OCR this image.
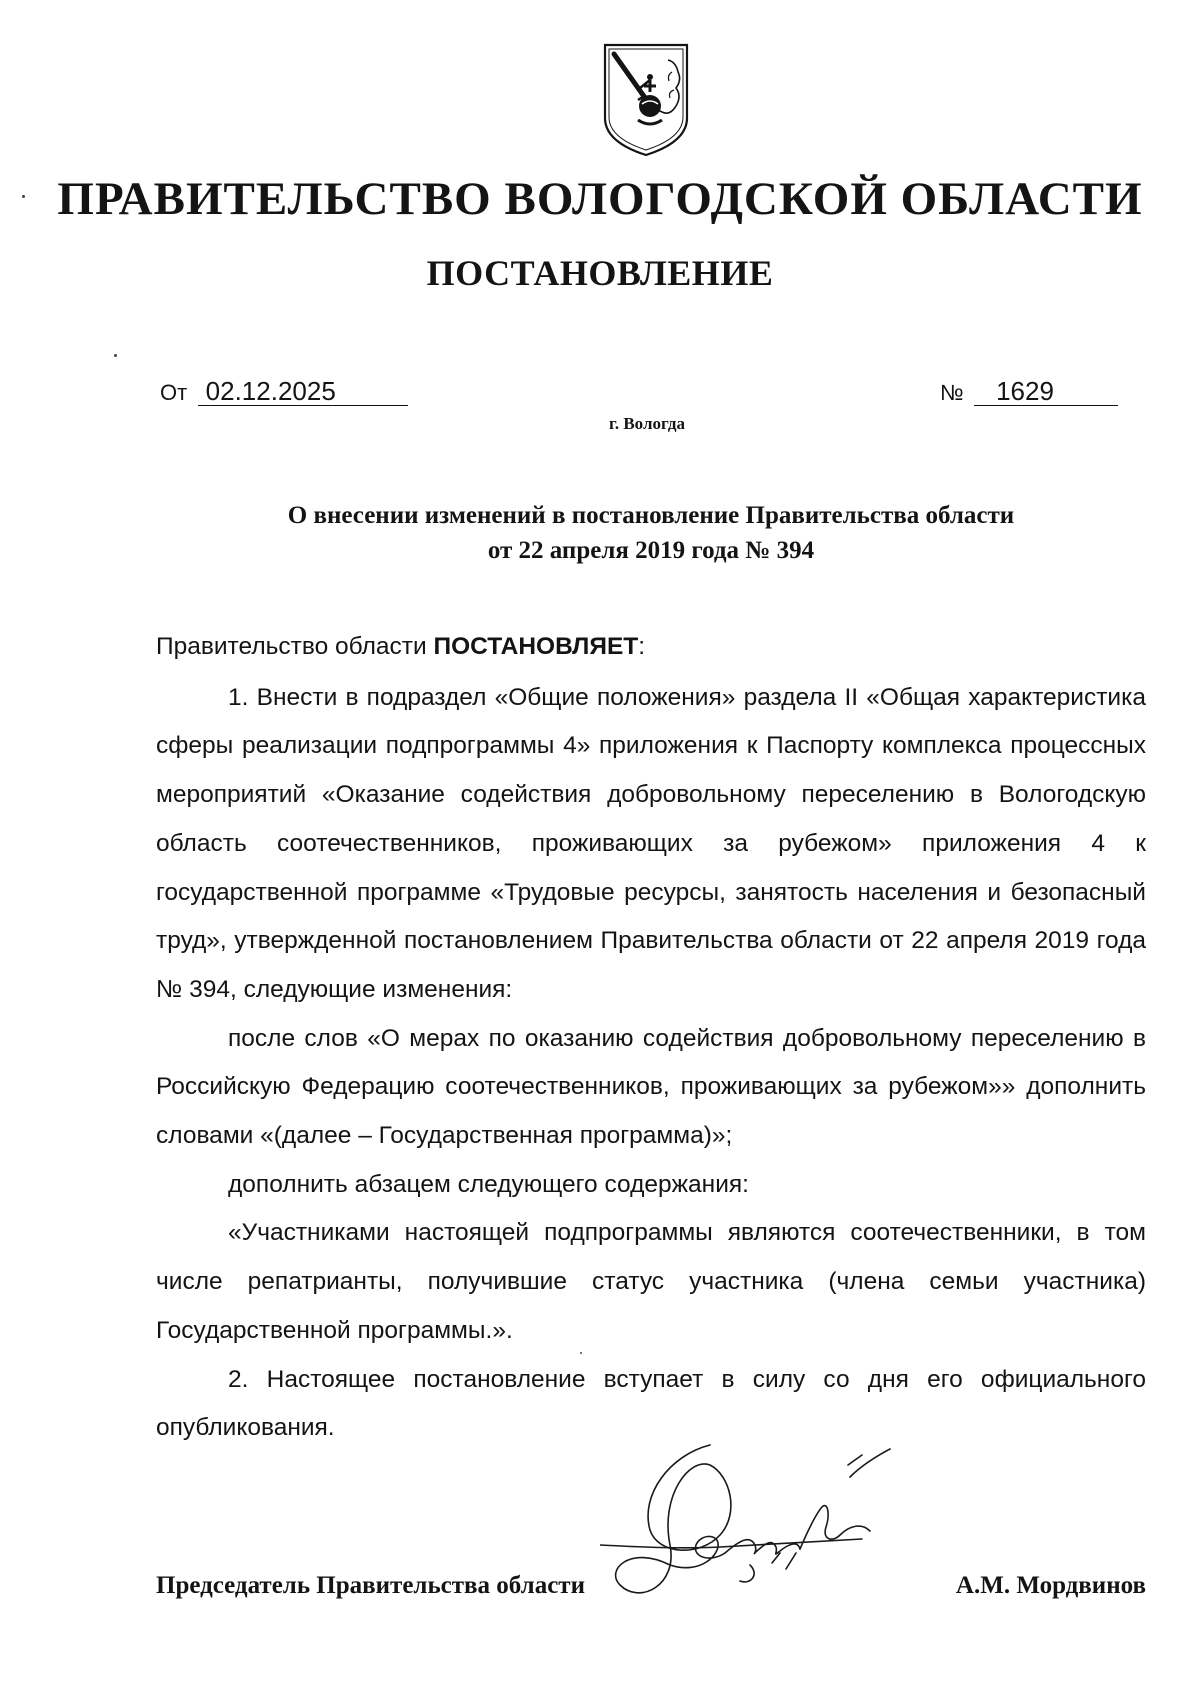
ПРАВИТЕЛЬСТВО ВОЛОГОДСКОЙ ОБЛАСТИ
ПОСТАНОВЛЕНИЕ
От 02.12.2025	№ 1629
г. Вологда
О внесении изменений в постановление Правительства области
от 22 апреля 2019 года № 394

Правительство области ПОСТАНОВЛЯЕТ:

1. Внести в подраздел «Общие положения» раздела II «Общая характеристика сферы реализации подпрограммы 4» приложения к Паспорту комплекса процессных мероприятий «Оказание содействия добровольному переселению в Вологодскую область соотечественников, проживающих за рубежом» приложения 4 к государственной программе «Трудовые ресурсы, занятость населения и безопасный труд», утвержденной постановлением Правительства области от 22 апреля 2019 года № 394, следующие изменения:

после слов «О мерах по оказанию содействия добровольному переселению в Российскую Федерацию соотечественников, проживающих за рубежом»» дополнить словами «(далее – Государственная программа)»;

дополнить абзацем следующего содержания:

«Участниками настоящей подпрограммы являются соотечественники, в том числе репатрианты, получившие статус участника (члена семьи участника) Государственной программы.».

2. Настоящее постановление вступает в силу со дня его официального опубликования.

Председатель Правительства области	А.М. Мордвинов
